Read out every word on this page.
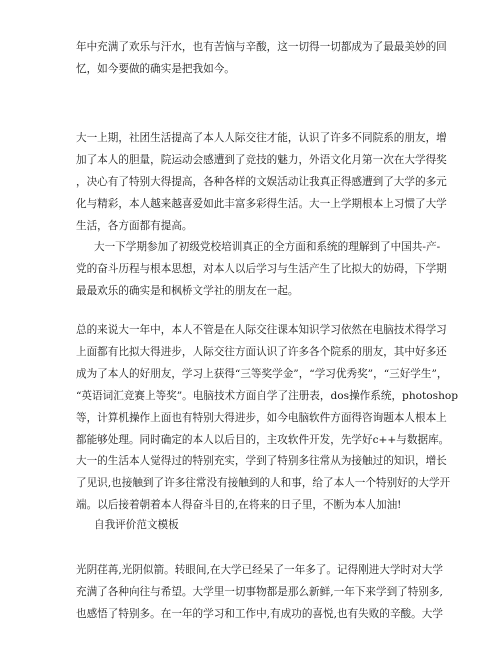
年中充满了欢乐与汗水，也有苦恼与辛酸，这一切得一切都成为了最最美妙的回
忆，如今要做的确实是把我如今。
大一上期，社团生活提高了本人人际交往才能，认识了许多不同院系的朋友，增
加了本人的胆量，院运动会感遭到了竞技的魅力，外语文化月第一次在大学得奖
，决心有了特别大得提高，各种各样的文娱活动让我真正得感遭到了大学的多元
化与精彩，本人越来越喜爱如此丰富多彩得生活。大一上学期根本上习惯了大学
生活，各方面都有提高。
大一下学期参加了初级党校培训真正的全方面和系统的理解到了中国共-产-
党的奋斗历程与根本思想，对本人以后学习与生活产生了比拟大的妨碍，下学期
最最欢乐的确实是和枫桥文学社的朋友在一起。
总的来说大一年中，本人不管是在人际交往课本知识学习依然在电脑技术得学习
上面都有比拟大得进步，人际交往方面认识了许多各个院系的朋友，其中好多还
成为了本人的好朋友，学习上获得“三等奖学金”，“学习优秀奖”，“三好学生”，
“英语词汇竞赛上等奖”。电脑技术方面自学了注册表，dos操作系统，photoshop
等，计算机操作上面也有特别大得进步，如今电脑软件方面得咨询题本人根本上
都能够处理。同时确定的本人以后目的，主攻软件开发，先学好c++与数据库。
大一的生活本人觉得过的特别充实，学到了特别多往常从为接触过的知识，增长
了见识,也接触到了许多往常没有接触到的人和事，给了本人一个特别好的大学开
端。以后接着朝着本人得奋斗目的,在将来的日子里，不断为本人加油!
自我评价范文模板
光阴荏苒,光阴似箭。转眼间,在大学已经呆了一年多了。记得刚进大学时对大学
充满了各种向往与希望。大学里一切事物都是那么新鲜,一年下来学到了特别多,
也感悟了特别多。在一年的学习和工作中,有成功的喜悦,也有失败的辛酸。大学
